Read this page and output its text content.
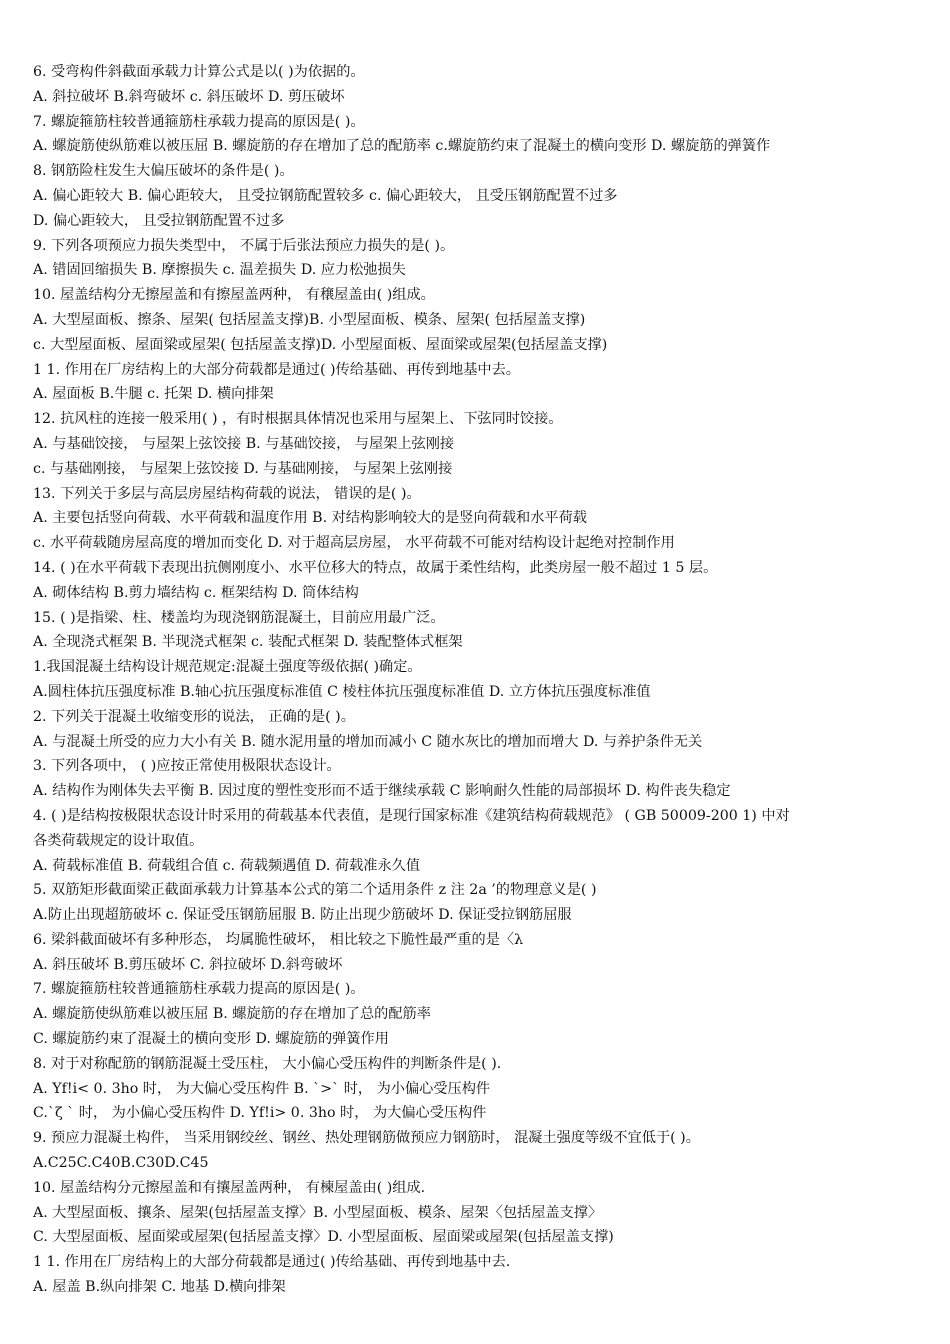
6. 受弯构件斜截面承载力计算公式是以( )为依据的。
A. 斜拉破坏 B.斜弯破坏 c. 斜压破坏 D. 剪压破坏
7. 螺旋箍筋柱较普通箍筋柱承载力提高的原因是( )。
A. 螺旋筋使纵筋难以被压屈 B. 螺旋筋的存在增加了总的配筋率 c.螺旋筋约束了混凝土的横向变形 D. 螺旋筋的弹簧作
8. 钢筋险柱发生大偏压破坏的条件是( )。
A. 偏心距较大 B. 偏心距较大， 且受拉钢筋配置较多 c. 偏心距较大， 且受压钢筋配置不过多
D. 偏心距较大， 且受拉钢筋配置不过多
9. 下列各项预应力损失类型中， 不属于后张法预应力损失的是( )。
A. 错固回缩损失 B. 摩擦损失 c. 温差损失 D. 应力松弛损失
10. 屋盖结构分无擦屋盖和有擦屋盖两种， 有穣屋盖由( )组成。
A. 大型屋面板、擦条、屋架( 包括屋盖支撑)B. 小型屋面板、模条、屋架( 包括屋盖支撑)
c. 大型屋面板、屋面梁或屋架( 包括屋盖支撑)D. 小型屋面板、屋面梁或屋架(包括屋盖支撑)
1 1. 作用在厂房结构上的大部分荷载都是通过( )传给基础、再传到地基中去。
A. 屋面板 B.牛腿 c. 托架 D. 横向排架
12. 抗风柱的连接一般采用( ) ，有时根据具体情况也采用与屋架上、下弦同时饺接。
A. 与基础饺接， 与屋架上弦饺接 B. 与基础饺接， 与屋架上弦刚接
c. 与基础刚接， 与屋架上弦饺接 D. 与基础刚接， 与屋架上弦刚接
13. 下列关于多层与高层房屋结构荷载的说法， 错误的是( )。
A. 主要包括竖向荷载、水平荷载和温度作用 B. 对结构影响较大的是竖向荷载和水平荷载
c. 水平荷载随房屋高度的增加而变化 D. 对于超高层房屋， 水平荷载不可能对结构设计起绝对控制作用
14. ( )在水平荷载下表现出抗侧刚度小、水平位移大的特点，故属于柔性结构，此类房屋一般不超过 1 5 层。
A. 砌体结构 B.剪力墙结构 c. 框架结构 D. 筒体结构
15. ( )是指梁、柱、楼盖均为现浇钢筋混凝土，目前应用最广泛。
A. 全现浇式框架 B. 半现浇式框架 c. 装配式框架 D. 装配整体式框架
1.我国混凝土结构设计规范规定:混凝土强度等级依据( )确定。
A.圆柱体抗压强度标准 B.轴心抗压强度标准值 C 棱柱体抗压强度标准值 D. 立方体抗压强度标准值
2. 下列关于混凝土收缩变形的说法， 正确的是( )。
A. 与混凝土所受的应力大小有关 B. 随水泥用量的增加而减小 C 随水灰比的增加而增大 D. 与养护条件无关
3. 下列各项中， ( )应按正常使用极限状态设计。
A. 结构作为刚体失去平衡 B. 因过度的塑性变形而不适于继续承载 C 影响耐久性能的局部损坏 D. 构件丧失稳定
4. ( )是结构按极限状态设计时采用的荷载基本代表值，是现行国家标准《建筑结构荷载规范》 ( GB 50009-200 1) 中对
各类荷载规定的设计取值。
A. 荷载标准值 B. 荷载组合值 c. 荷载频遇值 D. 荷载准永久值
5. 双筋矩形截面梁正截面承载力计算基本公式的第二个适用条件 z 注 2a ’的物理意义是( )
A.防止出现超筋破坏 c. 保证受压钢筋屈服 B. 防止出现少筋破坏 D. 保证受拉钢筋屈服
6. 梁斜截面破坏有多种形态， 均属脆性破坏， 相比较之下脆性最严重的是〈λ
A. 斜压破坏 B.剪压破坏 C. 斜拉破坏 D.斜弯破坏
7. 螺旋箍筋柱较普通箍筋柱承载力提高的原因是( )。
A. 螺旋筋使纵筋难以被压屈 B. 螺旋筋的存在增加了总的配筋率
C. 螺旋筋约束了混凝土的横向变形 D. 螺旋筋的弹簧作用
8. 对于对称配筋的钢筋混凝土受压柱， 大小偏心受压构件的判断条件是( ).
A. Yf!i< 0. 3ho 时， 为大偏心受压构件 B. `>` 时， 为小偏心受压构件
C.`ζ ` 时， 为小偏心受压构件 D. Yf!i> 0. 3ho 时， 为大偏心受压构件
9. 预应力混凝土构件， 当采用钢绞丝、钢丝、热处理钢筋做预应力钢筋时， 混凝土强度等级不宜低于( )。
A.C25C.C40B.C30D.C45
10. 屋盖结构分元擦屋盖和有攘屋盖两种， 有楝屋盖由( )组成.
A. 大型屋面板、攘条、屋架(包括屋盖支撑〉B. 小型屋面板、模条、屋架〈包括屋盖支撑〉
C. 大型屋面板、屋面梁或屋架(包括屋盖支撑〉D. 小型屋面板、屋面梁或屋架(包括屋盖支撑)
1 1. 作用在厂房结构上的大部分荷载都是通过( )传给基础、再传到地基中去.
A. 屋盖 B.纵向排架 C. 地基 D.横向排架
